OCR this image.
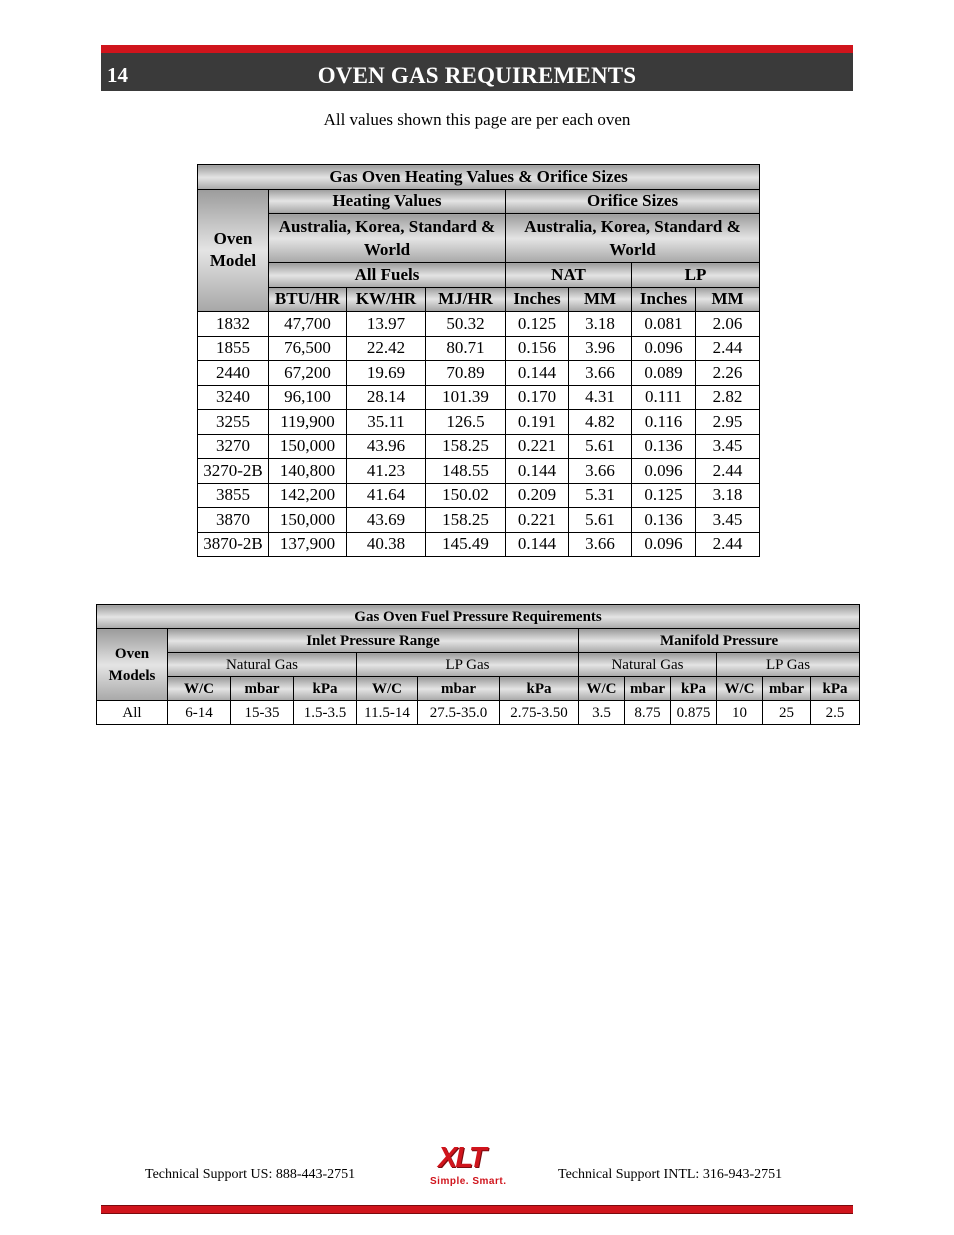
14	OVEN GAS REQUIREMENTS
All values shown this page are per each oven
Gas Oven Heating Values & Orifice Sizes							
Oven Model	Heating Values			Orifice Sizes			
	Australia, Korea, Standard & World			Australia, Korea, Standard & World			
	All Fuels			NAT		LP	
	BTU/HR	KW/HR	MJ/HR	Inches	MM	Inches	MM
1832	47,700	13.97	50.32	0.125	3.18	0.081	2.06
1855	76,500	22.42	80.71	0.156	3.96	0.096	2.44
2440	67,200	19.69	70.89	0.144	3.66	0.089	2.26
3240	96,100	28.14	101.39	0.170	4.31	0.111	2.82
3255	119,900	35.11	126.5	0.191	4.82	0.116	2.95
3270	150,000	43.96	158.25	0.221	5.61	0.136	3.45
3270-2B	140,800	41.23	148.55	0.144	3.66	0.096	2.44
3855	142,200	41.64	150.02	0.209	5.31	0.125	3.18
3870	150,000	43.69	158.25	0.221	5.61	0.136	3.45
3870-2B	137,900	40.38	145.49	0.144	3.66	0.096	2.44
Gas Oven Fuel Pressure Requirements												
Oven Models	Inlet Pressure Range						Manifold Pressure					
	Natural Gas			LP Gas			Natural Gas			LP Gas		
	W/C	mbar	kPa	W/C	mbar	kPa	W/C	mbar	kPa	W/C	mbar	kPa
All	6-14	15-35	1.5-3.5	11.5-14	27.5-35.0	2.75-3.50	3.5	8.75	0.875	10	25	2.5
Technical Support US: 888-443-2751
XLT
Simple. Smart.	Technical Support INTL: 316-943-2751
